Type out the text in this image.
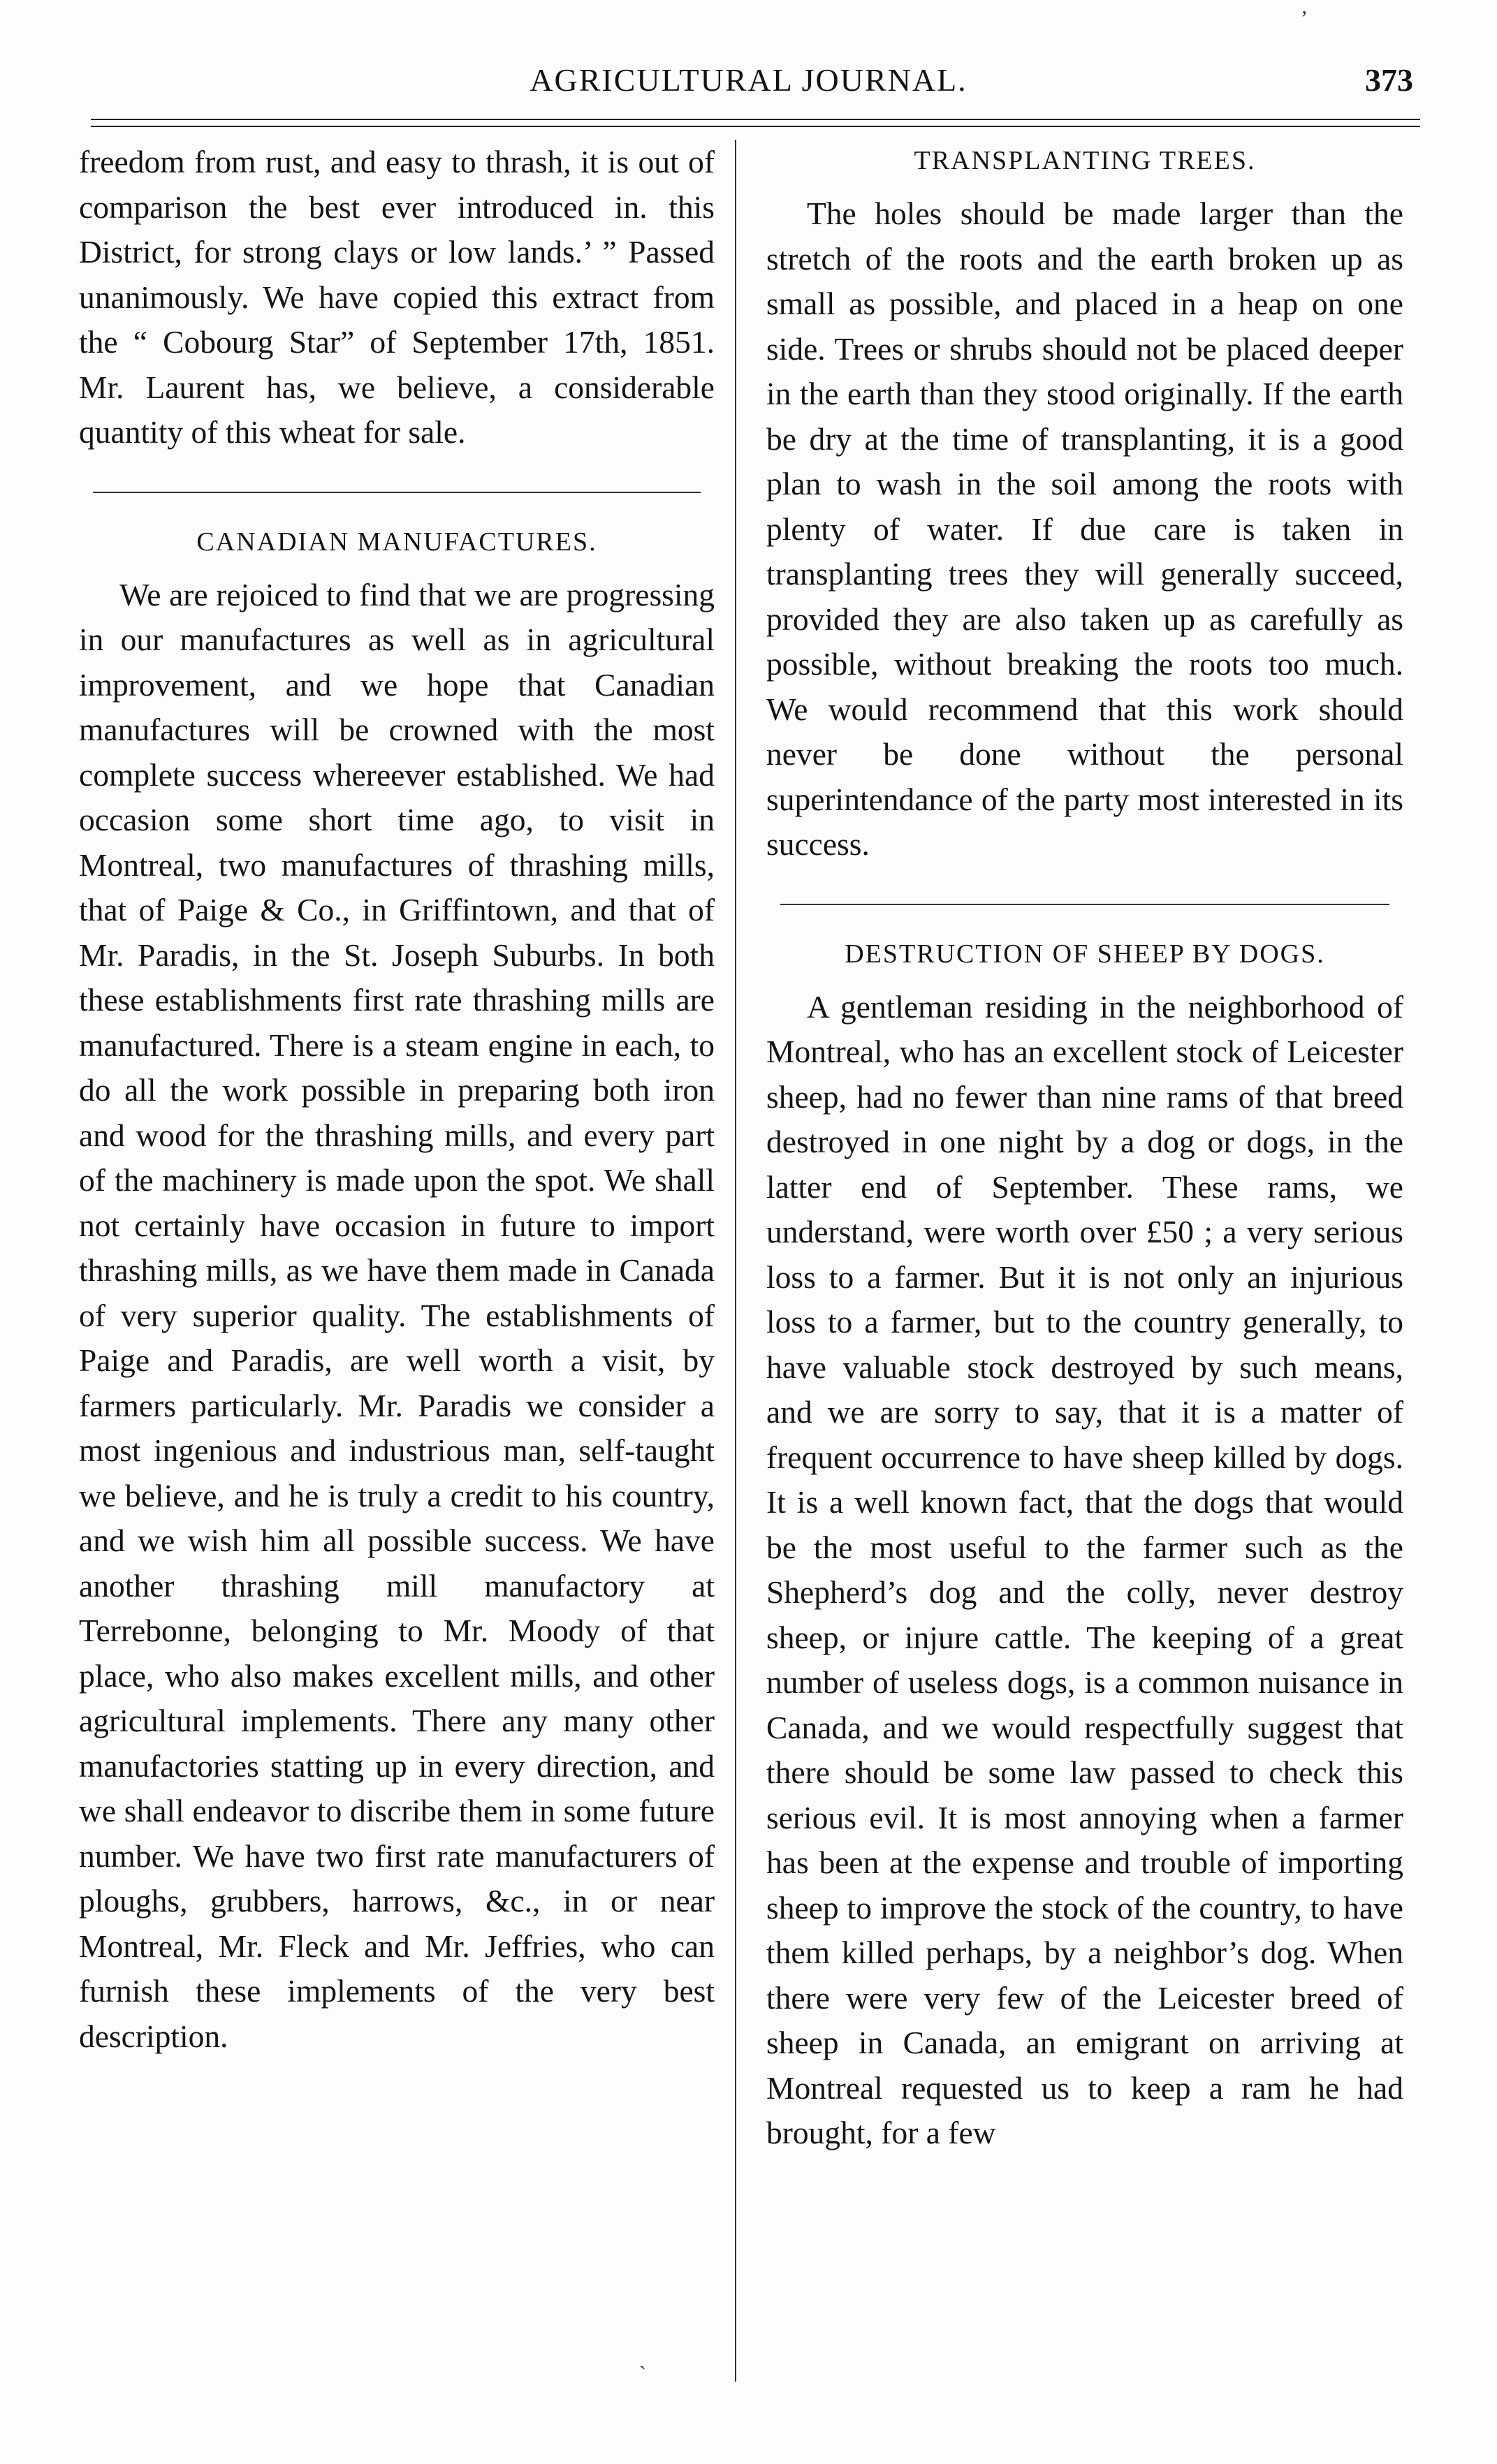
AGRICULTURAL JOURNAL.	373

freedom from rust, and easy to thrash, it is out of comparison the best ever introduced in. this District, for strong clays or low lands.’ ” Passed unanimously. We have copied this extract from the “ Cobourg Star” of September 17th, 1851. Mr. Laurent has, we believe, a considerable quantity of this wheat for sale.

CANADIAN MANUFACTURES.

We are rejoiced to find that we are progressing in our manufactures as well as in agricultural improvement, and we hope that Canadian manufactures will be crowned with the most complete success whereever established. We had occasion some short time ago, to visit in Montreal, two manufactures of thrashing mills, that of Paige & Co., in Griffintown, and that of Mr. Paradis, in the St. Joseph Suburbs. In both these establishments first rate thrashing mills are manufactured. There is a steam engine in each, to do all the work possible in preparing both iron and wood for the thrashing mills, and every part of the machinery is made upon the spot. We shall not certainly have occasion in future to import thrashing mills, as we have them made in Canada of very superior quality. The establishments of Paige and Paradis, are well worth a visit, by farmers particularly. Mr. Paradis we consider a most ingenious and industrious man, self-taught we believe, and he is truly a credit to his country, and we wish him all possible success. We have another thrashing mill manufactory at Terrebonne, belonging to Mr. Moody of that place, who also makes excellent mills, and other agricultural implements. There any many other manufactories statting up in every direction, and we shall endeavor to discribe them in some future number. We have two first rate manufacturers of ploughs, grubbers, harrows, &c., in or near Montreal, Mr. Fleck and Mr. Jeffries, who can furnish these implements of the very best description.

TRANSPLANTING TREES.

The holes should be made larger than the stretch of the roots and the earth broken up as small as possible, and placed in a heap on one side. Trees or shrubs should not be placed deeper in the earth than they stood originally. If the earth be dry at the time of transplanting, it is a good plan to wash in the soil among the roots with plenty of water. If due care is taken in transplanting trees they will generally succeed, provided they are also taken up as carefully as possible, without breaking the roots too much. We would recommend that this work should never be done without the personal superintendance of the party most interested in its success.

DESTRUCTION OF SHEEP BY DOGS.

A gentleman residing in the neighborhood of Montreal, who has an excellent stock of Leicester sheep, had no fewer than nine rams of that breed destroyed in one night by a dog or dogs, in the latter end of September. These rams, we understand, were worth over £50 ; a very serious loss to a farmer. But it is not only an injurious loss to a farmer, but to the country generally, to have valuable stock destroyed by such means, and we are sorry to say, that it is a matter of frequent occurrence to have sheep killed by dogs. It is a well known fact, that the dogs that would be the most useful to the farmer such as the Shepherd’s dog and the colly, never destroy sheep, or injure cattle. The keeping of a great number of useless dogs, is a common nuisance in Canada, and we would respectfully suggest that there should be some law passed to check this serious evil. It is most annoying when a farmer has been at the expense and trouble of importing sheep to improve the stock of the country, to have them killed perhaps, by a neighbor’s dog. When there were very few of the Leicester breed of sheep in Canada, an emigrant on arriving at Montreal requested us to keep a ram he had brought, for a few

ʼ
ˎ
